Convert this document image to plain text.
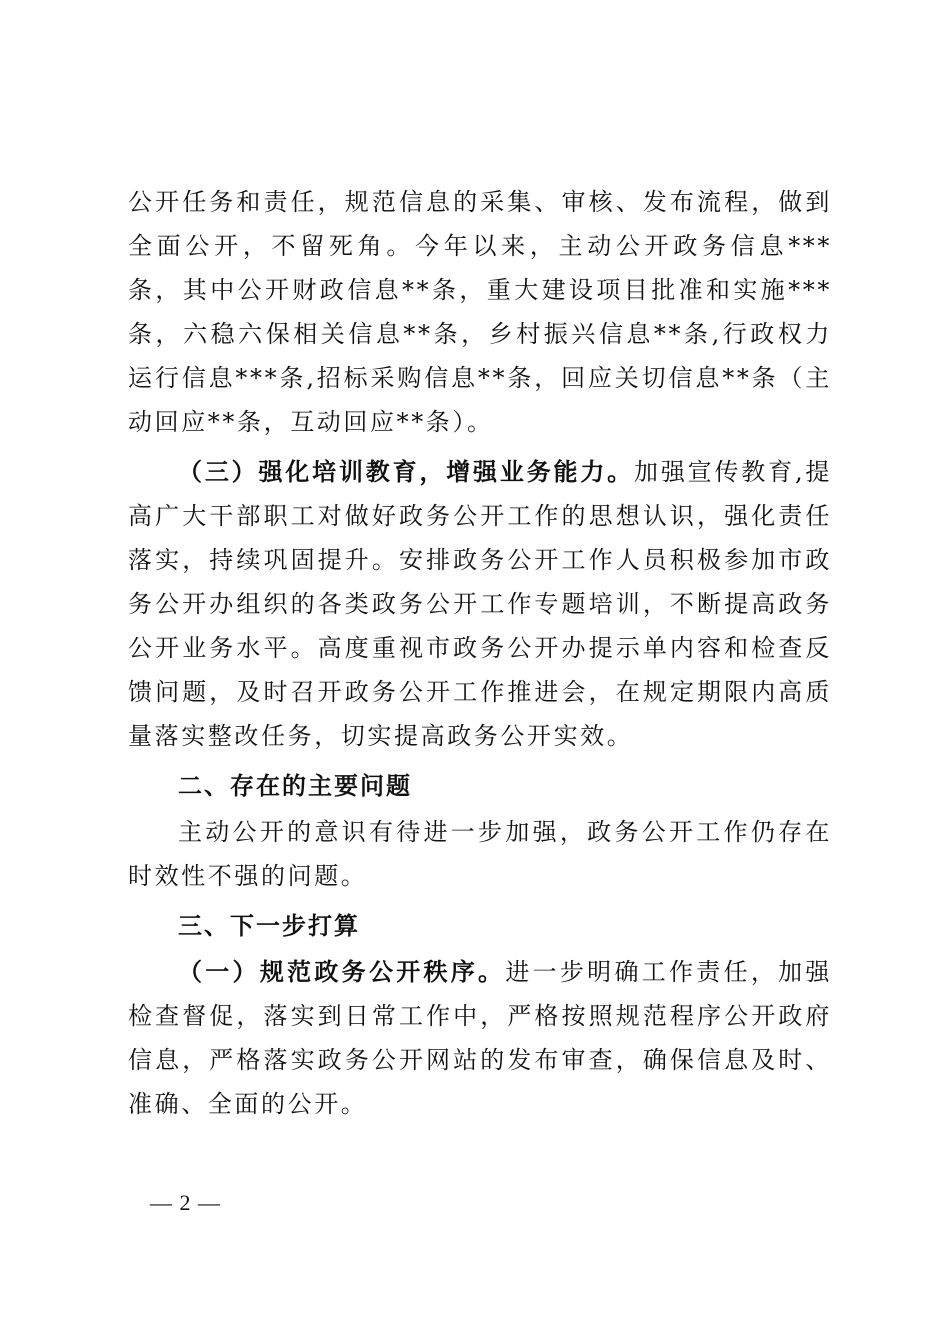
公开任务和责任，规范信息的采集、审核、发布流程，做到全面公开，不留死角。今年以来，主动公开政务信息***条，其中公开财政信息**条，重大建设项目批准和实施***条，六稳六保相关信息**条，乡村振兴信息**条,行政权力运行信息***条,招标采购信息**条，回应关切信息**条（主动回应**条，互动回应**条）。

（三）强化培训教育，增强业务能力。加强宣传教育,提高广大干部职工对做好政务公开工作的思想认识，强化责任落实，持续巩固提升。安排政务公开工作人员积极参加市政务公开办组织的各类政务公开工作专题培训，不断提高政务公开业务水平。高度重视市政务公开办提示单内容和检查反馈问题，及时召开政务公开工作推进会，在规定期限内高质量落实整改任务，切实提高政务公开实效。

二、存在的主要问题

主动公开的意识有待进一步加强，政务公开工作仍存在时效性不强的问题。

三、下一步打算

（一）规范政务公开秩序。进一步明确工作责任，加强检查督促，落实到日常工作中，严格按照规范程序公开政府信息，严格落实政务公开网站的发布审查，确保信息及时、准确、全面的公开。

— 2 —
